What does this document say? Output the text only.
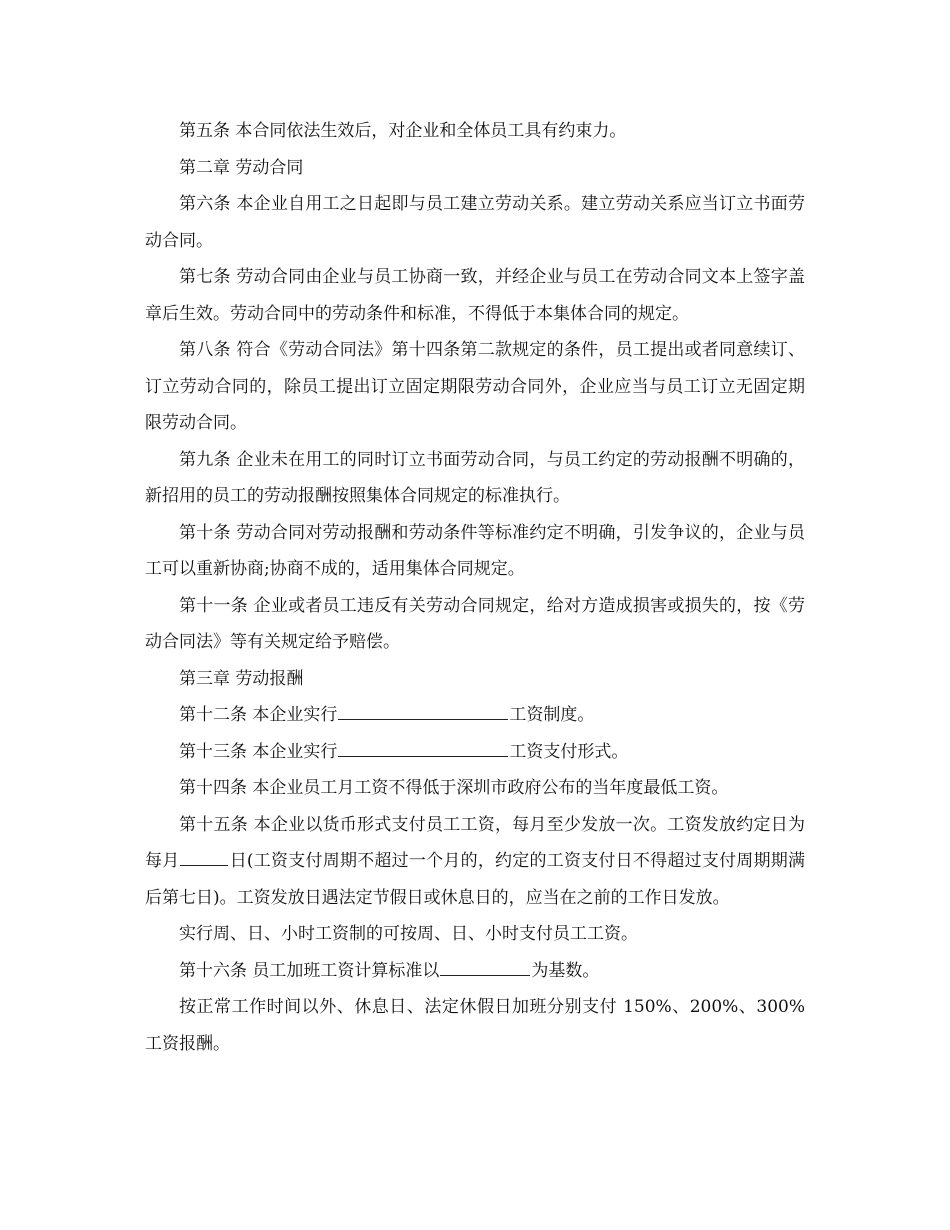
第五条 本合同依法生效后，对企业和全体员工具有约束力。

第二章 劳动合同

第六条 本企业自用工之日起即与员工建立劳动关系。建立劳动关系应当订立书面劳动合同。

第七条 劳动合同由企业与员工协商一致，并经企业与员工在劳动合同文本上签字盖章后生效。劳动合同中的劳动条件和标准，不得低于本集体合同的规定。

第八条 符合《劳动合同法》第十四条第二款规定的条件，员工提出或者同意续订、订立劳动合同的，除员工提出订立固定期限劳动合同外，企业应当与员工订立无固定期限劳动合同。

第九条 企业未在用工的同时订立书面劳动合同，与员工约定的劳动报酬不明确的，新招用的员工的劳动报酬按照集体合同规定的标准执行。

第十条 劳动合同对劳动报酬和劳动条件等标准约定不明确，引发争议的，企业与员工可以重新协商;协商不成的，适用集体合同规定。

第十一条 企业或者员工违反有关劳动合同规定，给对方造成损害或损失的，按《劳动合同法》等有关规定给予赔偿。

第三章 劳动报酬

第十二条 本企业实行	工资制度。

第十三条 本企业实行	工资支付形式。

第十四条 本企业员工月工资不得低于深圳市政府公布的当年度最低工资。

第十五条 本企业以货币形式支付员工工资，每月至少发放一次。工资发放约定日为每月	日(工资支付周期不超过一个月的，约定的工资支付日不得超过支付周期期满后第七日)。工资发放日遇法定节假日或休息日的，应当在之前的工作日发放。

实行周、日、小时工资制的可按周、日、小时支付员工工资。

第十六条 员工加班工资计算标准以	为基数。

按正常工作时间以外、休息日、法定休假日加班分别支付 150%、200%、300%工资报酬。
